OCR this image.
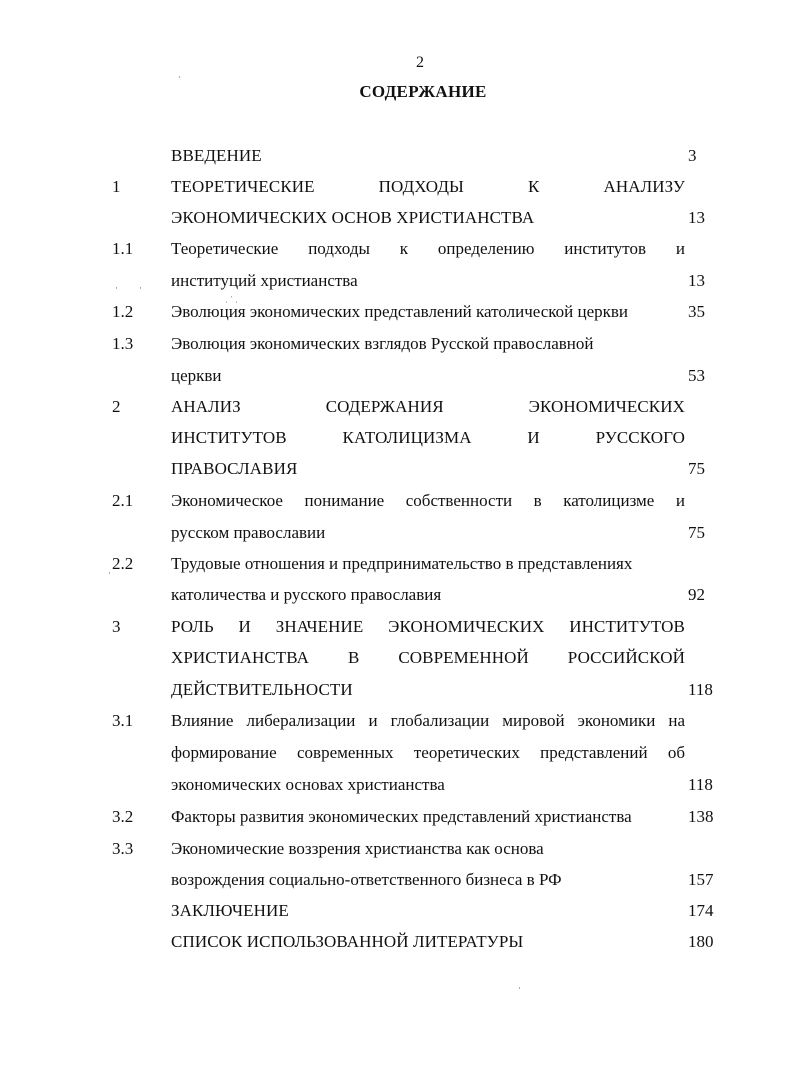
2
СОДЕРЖАНИЕ
ВВЕДЕНИЕ	3
1	ТЕОРЕТИЧЕСКИЕ ПОДХОДЫ К АНАЛИЗУ
ЭКОНОМИЧЕСКИХ ОСНОВ ХРИСТИАНСТВА	13
1.1	Теоретические подходы к определению институтов и
институций христианства	13
1.2	Эволюция экономических представлений католической церкви	35
1.3	Эволюция экономических взглядов Русской православной
церкви	53
2	АНАЛИЗ СОДЕРЖАНИЯ ЭКОНОМИЧЕСКИХ
ИНСТИТУТОВ КАТОЛИЦИЗМА И РУССКОГО
ПРАВОСЛАВИЯ	75
2.1	Экономическое понимание собственности в католицизме и
русском православии	75
2.2	Трудовые отношения и предпринимательство в представлениях
католичества и русского православия	92
3	РОЛЬ И ЗНАЧЕНИЕ ЭКОНОМИЧЕСКИХ ИНСТИТУТОВ
ХРИСТИАНСТВА В СОВРЕМЕННОЙ РОССИЙСКОЙ
ДЕЙСТВИТЕЛЬНОСТИ	118
3.1	Влияние либерализации и глобализации мировой экономики на
формирование современных теоретических представлений об
экономических основах христианства	118
3.2	Факторы развития экономических представлений христианства	138
3.3	Экономические воззрения христианства как основа
возрождения социально-ответственного бизнеса в РФ	157
ЗАКЛЮЧЕНИЕ	174
СПИСОК ИСПОЛЬЗОВАННОЙ ЛИТЕРАТУРЫ	180
ˎ
· ·
ˌ ˑ ˌ
·
·
